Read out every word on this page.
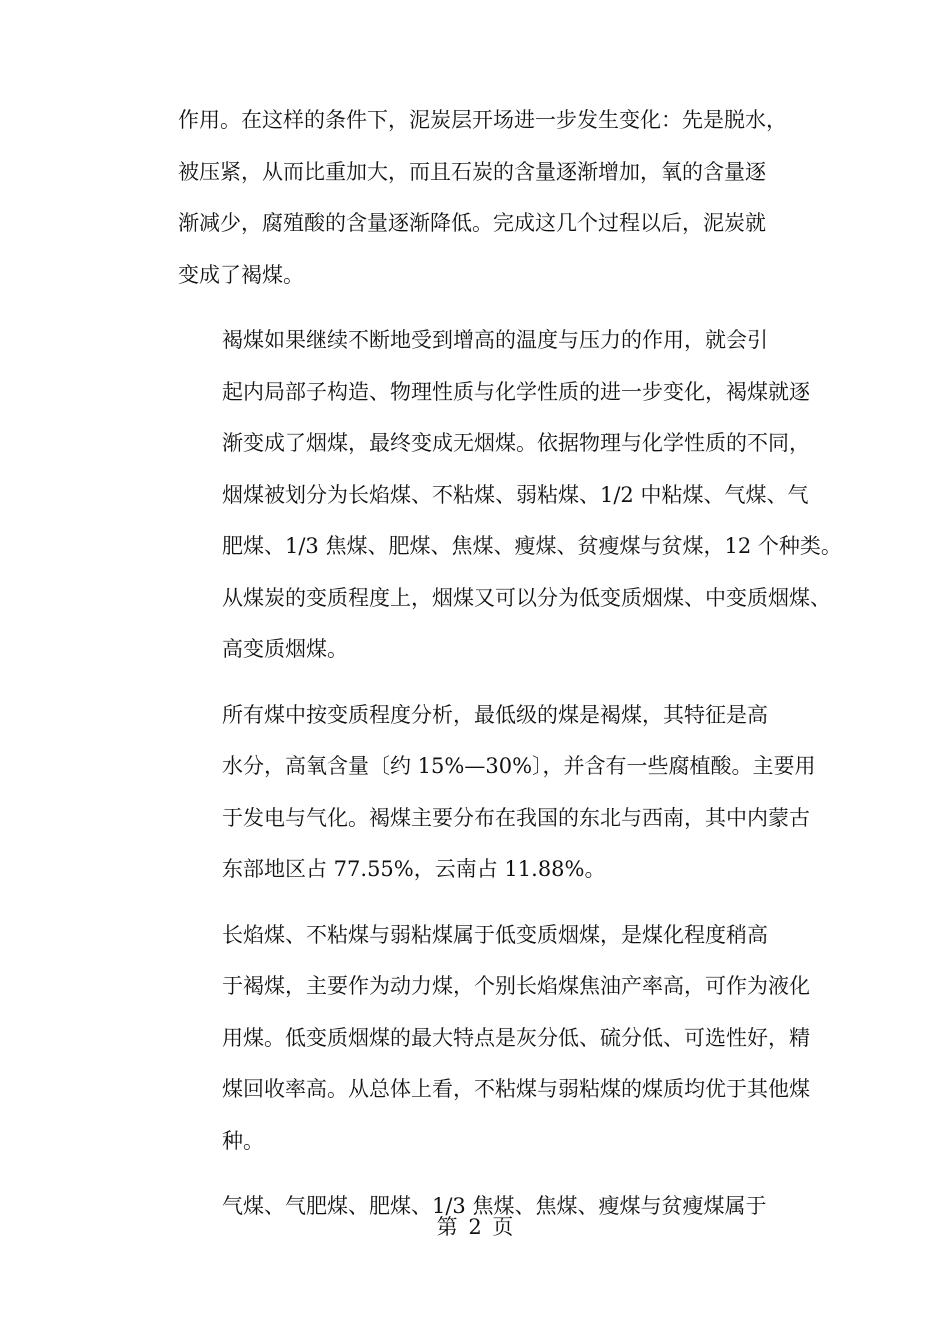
作用。在这样的条件下，泥炭层开场进一步发生变化：先是脱水，
被压紧，从而比重加大，而且石炭的含量逐渐增加，氧的含量逐
渐减少，腐殖酸的含量逐渐降低。完成这几个过程以后，泥炭就
变成了褐煤。

褐煤如果继续不断地受到增高的温度与压力的作用，就会引
起内局部子构造、物理性质与化学性质的进一步变化，褐煤就逐
渐变成了烟煤，最终变成无烟煤。依据物理与化学性质的不同，
烟煤被划分为长焰煤、不粘煤、弱粘煤、1/2 中粘煤、气煤、气
肥煤、1/3 焦煤、肥煤、焦煤、瘦煤、贫瘦煤与贫煤，12 个种类。
从煤炭的变质程度上，烟煤又可以分为低变质烟煤、中变质烟煤、
高变质烟煤。

所有煤中按变质程度分析，最低级的煤是褐煤，其特征是高
水分，高氧含量〔约 15%—30%〕，并含有一些腐植酸。主要用
于发电与气化。褐煤主要分布在我国的东北与西南，其中内蒙古
东部地区占 77.55%，云南占 11.88%。

长焰煤、不粘煤与弱粘煤属于低变质烟煤，是煤化程度稍高
于褐煤，主要作为动力煤，个别长焰煤焦油产率高，可作为液化
用煤。低变质烟煤的最大特点是灰分低、硫分低、可选性好，精
煤回收率高。从总体上看，不粘煤与弱粘煤的煤质均优于其他煤
种。

气煤、气肥煤、肥煤、1/3 焦煤、焦煤、瘦煤与贫瘦煤属于

第 2 页
